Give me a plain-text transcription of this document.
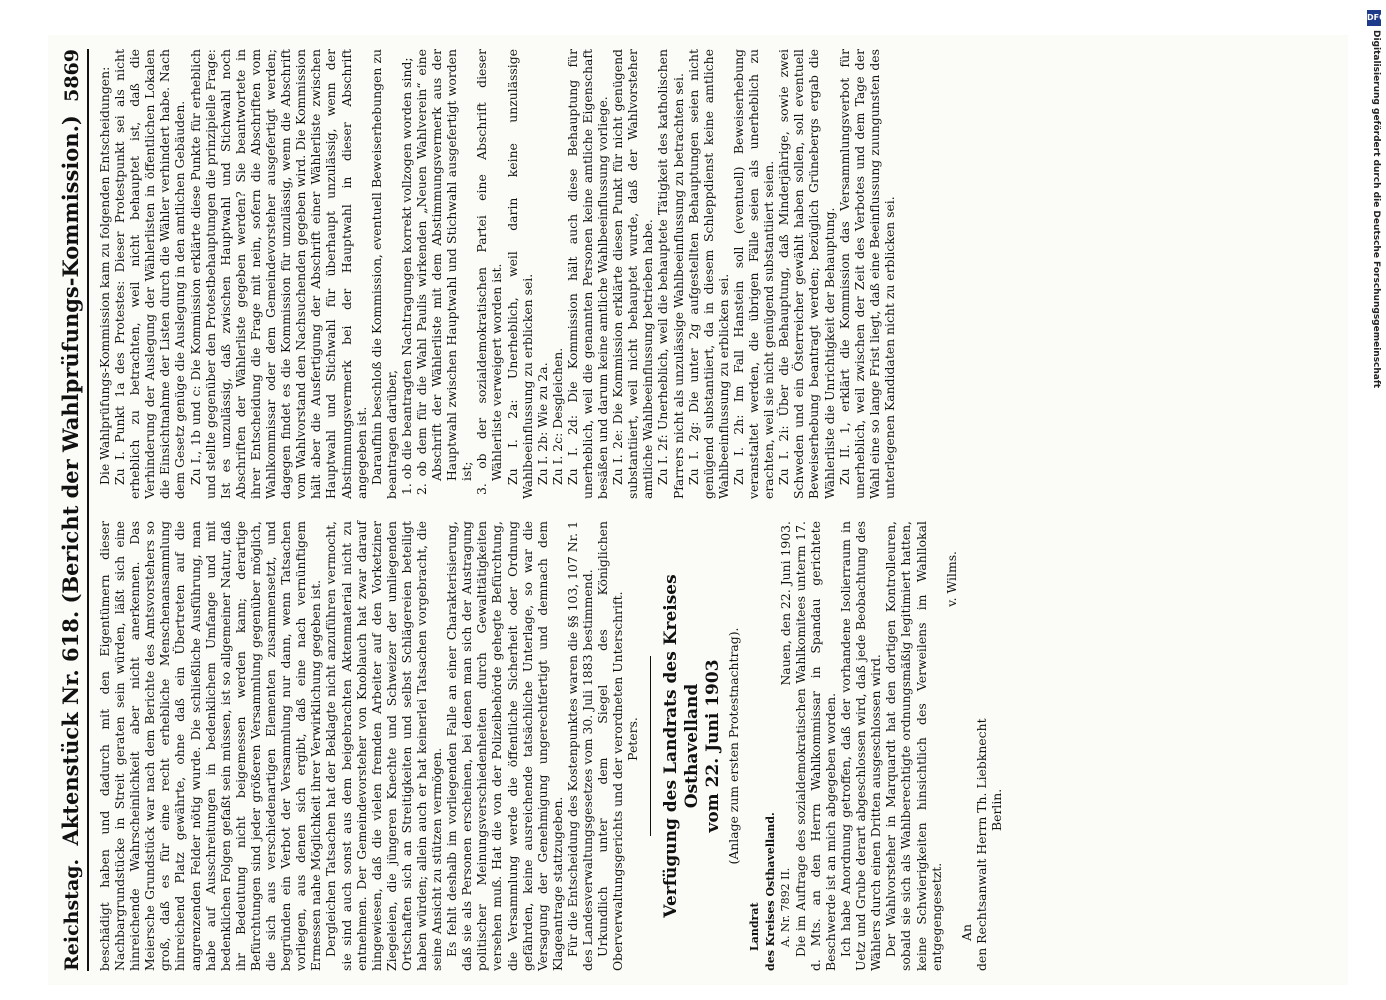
Reichstag.
Aktenstück Nr. 618. (Bericht der Wahlprüfungs-Kommission.)
5869

beschädigt haben und dadurch mit den Eigentümern dieser Nachbargrundstücke in Streit geraten sein würden, läßt sich eine hinreichende Wahrscheinlichkeit aber nicht anerkennen. Das Meiersche Grundstück war nach dem Berichte des Amtsvorstehers so groß, daß es für eine recht erhebliche Menschenansammlung hinreichend Platz gewährte, ohne daß ein Übertreten auf die angrenzenden Felder nötig wurde. Die schließliche Ausführung, man habe auf Ausschreitungen in bedenklichem Umfange und mit bedenklichen Folgen gefaßt sein müssen, ist so allgemeiner Natur, daß ihr Bedeutung nicht beigemessen werden kann; derartige Befürchtungen sind jeder größeren Versammlung gegenüber möglich, die sich aus verschiedenartigen Elementen zusammensetzt, und begründen ein Verbot der Versammlung nur dann, wenn Tatsachen vorliegen, aus denen sich ergibt, daß eine nach vernünftigem Ermessen nahe Möglichkeit ihrer Verwirklichung gegeben ist. Dergleichen Tatsachen hat der Beklagte nicht anzuführen vermocht, sie sind auch sonst aus dem beigebrachten Aktenmaterial nicht zu entnehmen. Der Gemeindevorsteher von Knoblauch hat zwar darauf hingewiesen, daß die vielen fremden Arbeiter auf den Vorketziner Ziegeleien, die jüngeren Knechte und Schweizer der umliegenden Ortschaften sich an Streitigkeiten und selbst Schlägereien beteiligt haben würden; allein auch er hat keinerlei Tatsachen vorgebracht, die seine Ansicht zu stützen vermögen. Es fehlt deshalb im vorliegenden Falle an einer Charakterisierung, daß sie als Personen erscheinen, bei denen man sich der Austragung politischer Meinungsverschiedenheiten durch Gewalttätigkeiten versehen muß. Hat die von der Polizeibehörde gehegte Befürchtung, die Versammlung werde die öffentliche Sicherheit oder Ordnung gefährden, keine ausreichende tatsächliche Unterlage, so war die Versagung der Genehmigung ungerechtfertigt und demnach dem Klageantrage stattzugeben. Für die Entscheidung des Kostenpunktes waren die §§ 103, 107 Nr. 1 des Landesverwaltungsgesetzes vom 30. Juli 1883 bestimmend. Urkundlich unter dem Siegel des Königlichen Oberverwaltungsgerichts und der verordneten Unterschrift. Peters. Verfügung des Landrats des Kreises Osthavelland vom 22. Juni 1903 (Anlage zum ersten Protestnachtrag).
Landrat des Kreises Osthavelland. A. Nr. 7892 II.
Nauen, den 22. Juni 1903. Die im Auftrage des sozialdemokratischen Wahlkomitees unterm 17. d. Mts. an den Herrn Wahlkommissar in Spandau gerichtete Beschwerde ist an mich abgegeben worden. Ich habe Anordnung getroffen, daß der vorhandene Isolierraum in Uetz und Grube derart abgeschlossen wird, daß jede Beobachtung des Wählers durch einen Dritten ausgeschlossen wird. Der Wahlvorsteher in Marquardt hat den dortigen Kontrolleuren, sobald sie sich als Wahlberechtigte ordnungsmäßig legitimiert hatten, keine Schwierigkeiten hinsichtlich des Verweilens im Wahllokal entgegengesetzt.

v. Wilms.

An den Rechtsanwalt Herrn Th. Liebknecht Berlin.

Die Wahlprüfungs-Kommission kam zu folgenden Entscheidungen: Zu I. Punkt 1a des Protestes: Dieser Protestpunkt sei als nicht erheblich zu betrachten, weil nicht behauptet ist, daß die Verhinderung der Auslegung der Wählerlisten in öffentlichen Lokalen die Einsichtnahme der Listen durch die Wähler verhindert habe. Nach dem Gesetz genüge die Auslegung in den amtlichen Gebäuden. Zu I., 1b und c: Die Kommission erklärte diese Punkte für erheblich und stellte gegenüber den Protestbehauptungen die prinzipielle Frage: Ist es unzulässig, daß zwischen Hauptwahl und Stichwahl noch Abschriften der Wählerliste gegeben werden? Sie beantwortete in ihrer Entscheidung die Frage mit nein, sofern die Abschriften vom Wahlkommissar oder dem Gemeindevorsteher ausgefertigt werden; dagegen findet es die Kommission für unzulässig, wenn die Abschrift vom Wahlvorstand den Nachsuchenden gegeben wird. Die Kommission hält aber die Ausfertigung der Abschrift einer Wählerliste zwischen Hauptwahl und Stichwahl für überhaupt unzulässig, wenn der Abstimmungsvermerk bei der Hauptwahl in dieser Abschrift angegeben ist. Daraufhin beschloß die Kommission, eventuell Beweiserhebungen zu beantragen darüber, 1. ob die beantragten Nachtragungen korrekt vollzogen worden sind; 2. ob dem für die Wahl Paulis wirkenden „Neuen Wahlverein“ eine Abschrift der Wählerliste mit dem Abstimmungsvermerk aus der Hauptwahl zwischen Hauptwahl und Stichwahl ausgefertigt worden ist; 3. ob der sozialdemokratischen Partei eine Abschrift dieser Wählerliste verweigert worden ist. Zu I. 2a: Unerheblich, weil darin keine unzulässige Wahlbeeinflussung zu erblicken sei. Zu I. 2b: Wie zu 2a. Zu I. 2c: Desgleichen. Zu I. 2d: Die Kommission hält auch diese Behauptung für unerheblich, weil die genannten Personen keine amtliche Eigenschaft besäßen und darum keine amtliche Wahlbeeinflussung vorliege. Zu I. 2e: Die Kommission erklärte diesen Punkt für nicht genügend substantiiert, weil nicht behauptet wurde, daß der Wahlvorsteher amtliche Wahlbeeinflussung betrieben habe. Zu I. 2f: Unerheblich, weil die behauptete Tätigkeit des katholischen Pfarrers nicht als unzulässige Wahlbeeinflussung zu betrachten sei. Zu I. 2g: Die unter 2g aufgestellten Behauptungen seien nicht genügend substantiiert, da in diesem Schleppdienst keine amtliche Wahlbeeinflussung zu erblicken sei. Zu I. 2h: Im Fall Hanstein soll (eventuell) Beweiserhebung veranstaltet werden, die übrigen Fälle seien als unerheblich zu erachten, weil sie nicht genügend substantiiert seien. Zu I. 2i: Über die Behauptung, daß Minderjährige, sowie zwei Schweden und ein Österreicher gewählt haben sollen, soll eventuell Beweiserhebung beantragt werden; bezüglich Grünebergs ergab die Wählerliste die Unrichtigkeit der Behauptung. Zu II. 1, erklärt die Kommission das Versammlungsverbot für unerheblich, weil zwischen der Zeit des Verbotes und dem Tage der Wahl eine so lange Frist liegt, daß eine Beeinflussung zuungunsten des unterlegenen Kandidaten nicht zu erblicken sei.

DFG
Digitalisierung gefördert durch die Deutsche Forschungsgemeinschaft
